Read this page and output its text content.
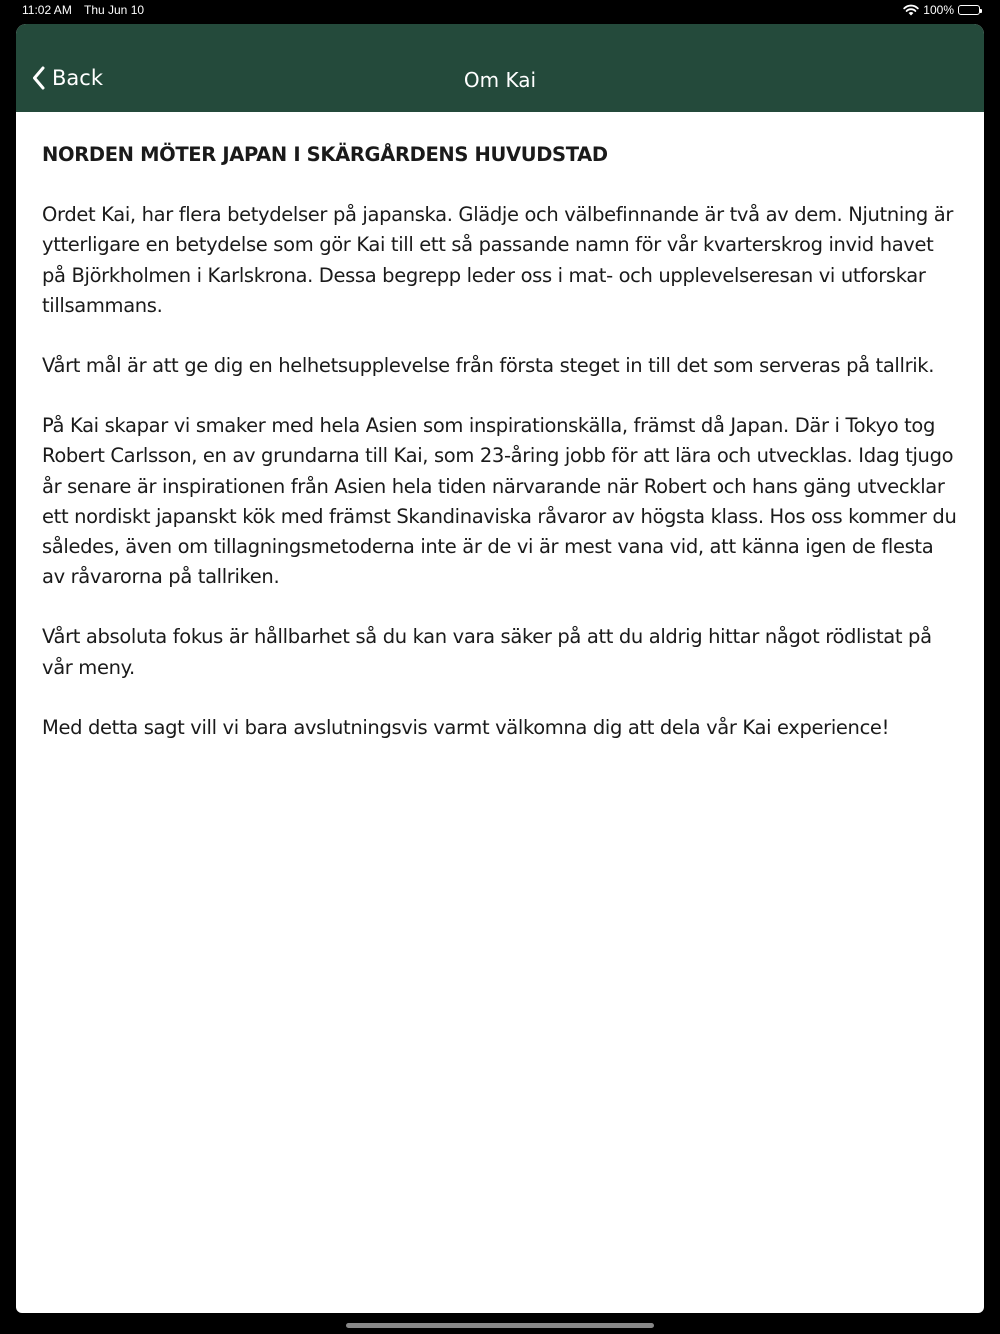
11:02 AM Thu Jun 10	100%
Back	Om Kai

NORDEN MÖTER JAPAN I SKÄRGÅRDENS HUVUDSTAD

Ordet Kai, har flera betydelser på japanska. Glädje och välbefinnande är två av dem. Njutning är ytterligare en betydelse som gör Kai till ett så passande namn för vår kvarterskrog invid havet på Björkholmen i Karlskrona. Dessa begrepp leder oss i mat- och upplevelseresan vi utforskar tillsammans.

Vårt mål är att ge dig en helhetsupplevelse från första steget in till det som serveras på tallrik.

På Kai skapar vi smaker med hela Asien som inspirationskälla, främst då Japan. Där i Tokyo tog Robert Carlsson, en av grundarna till Kai, som 23-åring jobb för att lära och utvecklas. Idag tjugo år senare är inspirationen från Asien hela tiden närvarande när Robert och hans gäng utvecklar ett nordiskt japanskt kök med främst Skandinaviska råvaror av högsta klass. Hos oss kommer du således, även om tillagningsmetoderna inte är de vi är mest vana vid, att känna igen de flesta av råvarorna på tallriken.

Vårt absoluta fokus är hållbarhet så du kan vara säker på att du aldrig hittar något rödlistat på vår meny.

Med detta sagt vill vi bara avslutningsvis varmt välkomna dig att dela vår Kai experience!
